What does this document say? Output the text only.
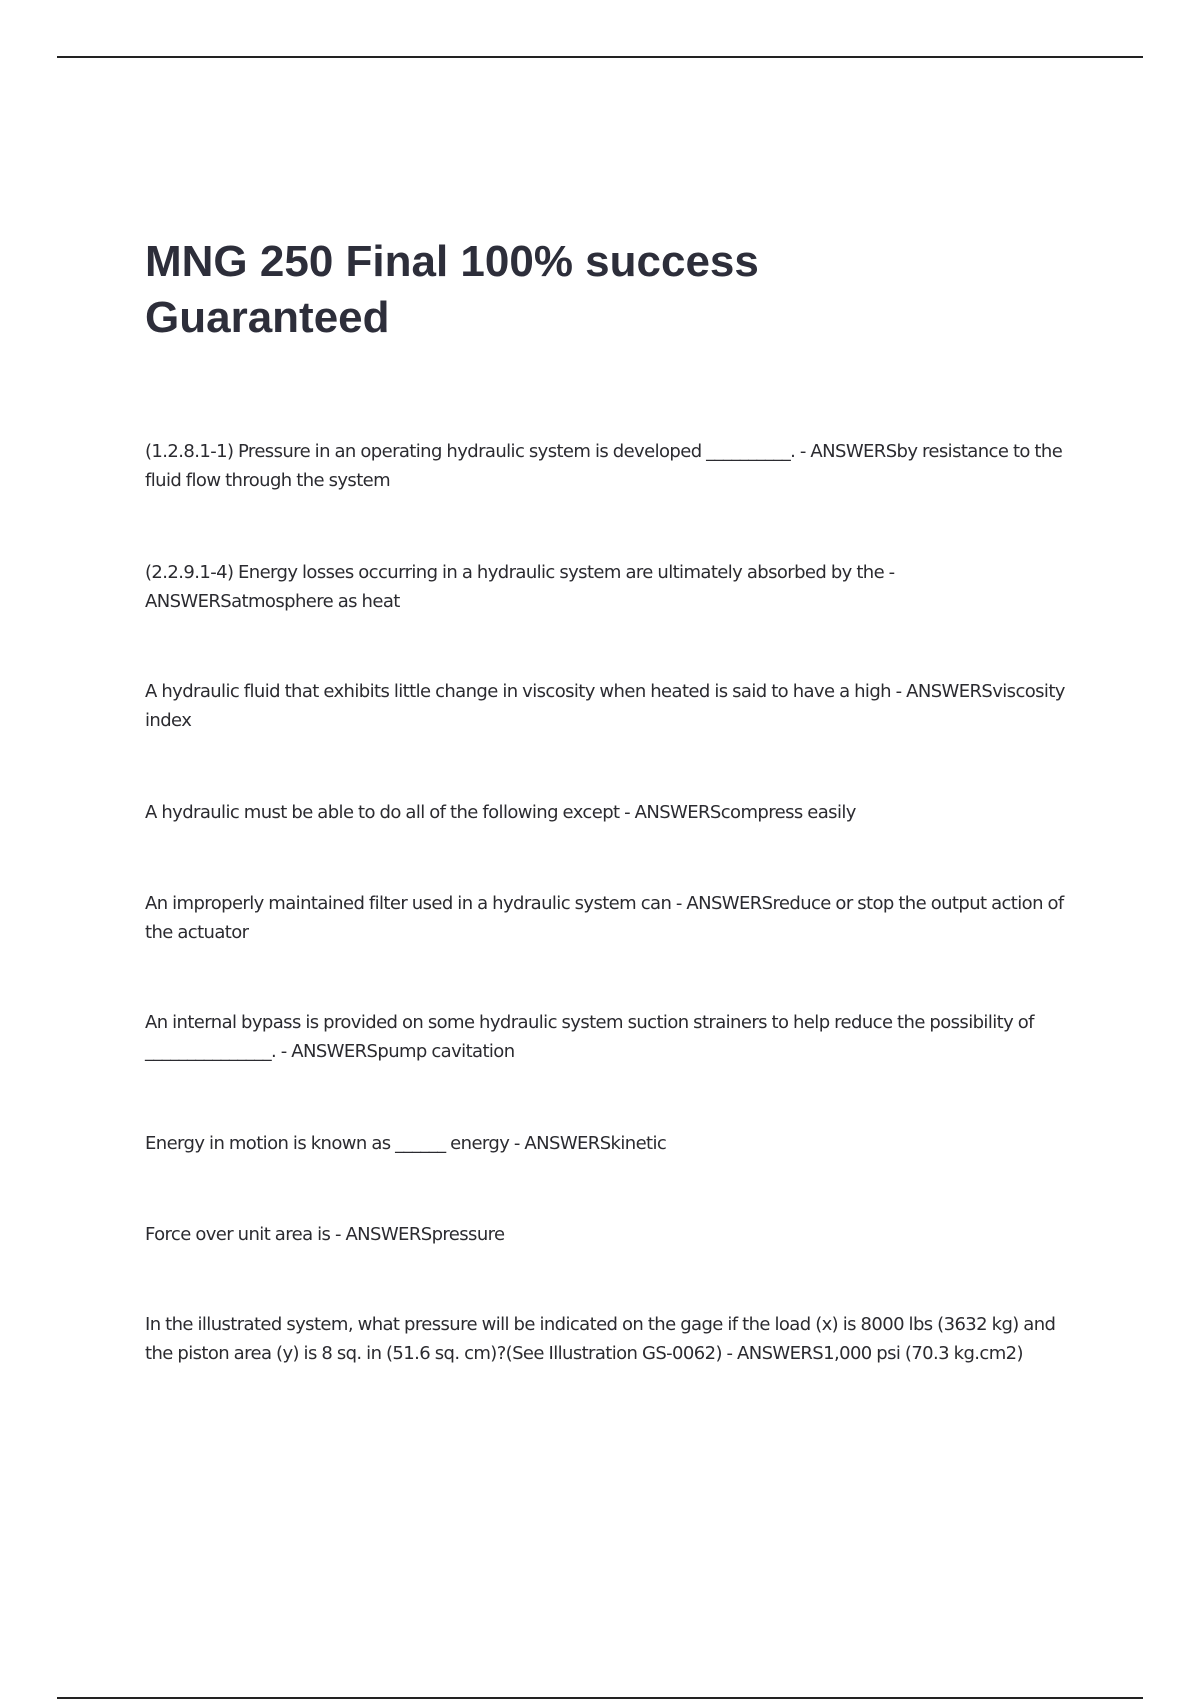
MNG 250 Final 100% success
Guaranteed

(1.2.8.1-1) Pressure in an operating hydraulic system is developed __________. - ANSWERSby resistance to the fluid flow through the system

(2.2.9.1-4) Energy losses occurring in a hydraulic system are ultimately absorbed by the - ANSWERSatmosphere as heat

A hydraulic fluid that exhibits little change in viscosity when heated is said to have a high - ANSWERSviscosity index

A hydraulic must be able to do all of the following except - ANSWERScompress easily

An improperly maintained filter used in a hydraulic system can - ANSWERSreduce or stop the output action of the actuator

An internal bypass is provided on some hydraulic system suction strainers to help reduce the possibility of _______________. - ANSWERSpump cavitation

Energy in motion is known as ______ energy - ANSWERSkinetic

Force over unit area is - ANSWERSpressure

In the illustrated system, what pressure will be indicated on the gage if the load (x) is 8000 lbs (3632 kg) and the piston area (y) is 8 sq. in (51.6 sq. cm)?(See Illustration GS-0062) - ANSWERS1,000 psi (70.3 kg.cm2)
